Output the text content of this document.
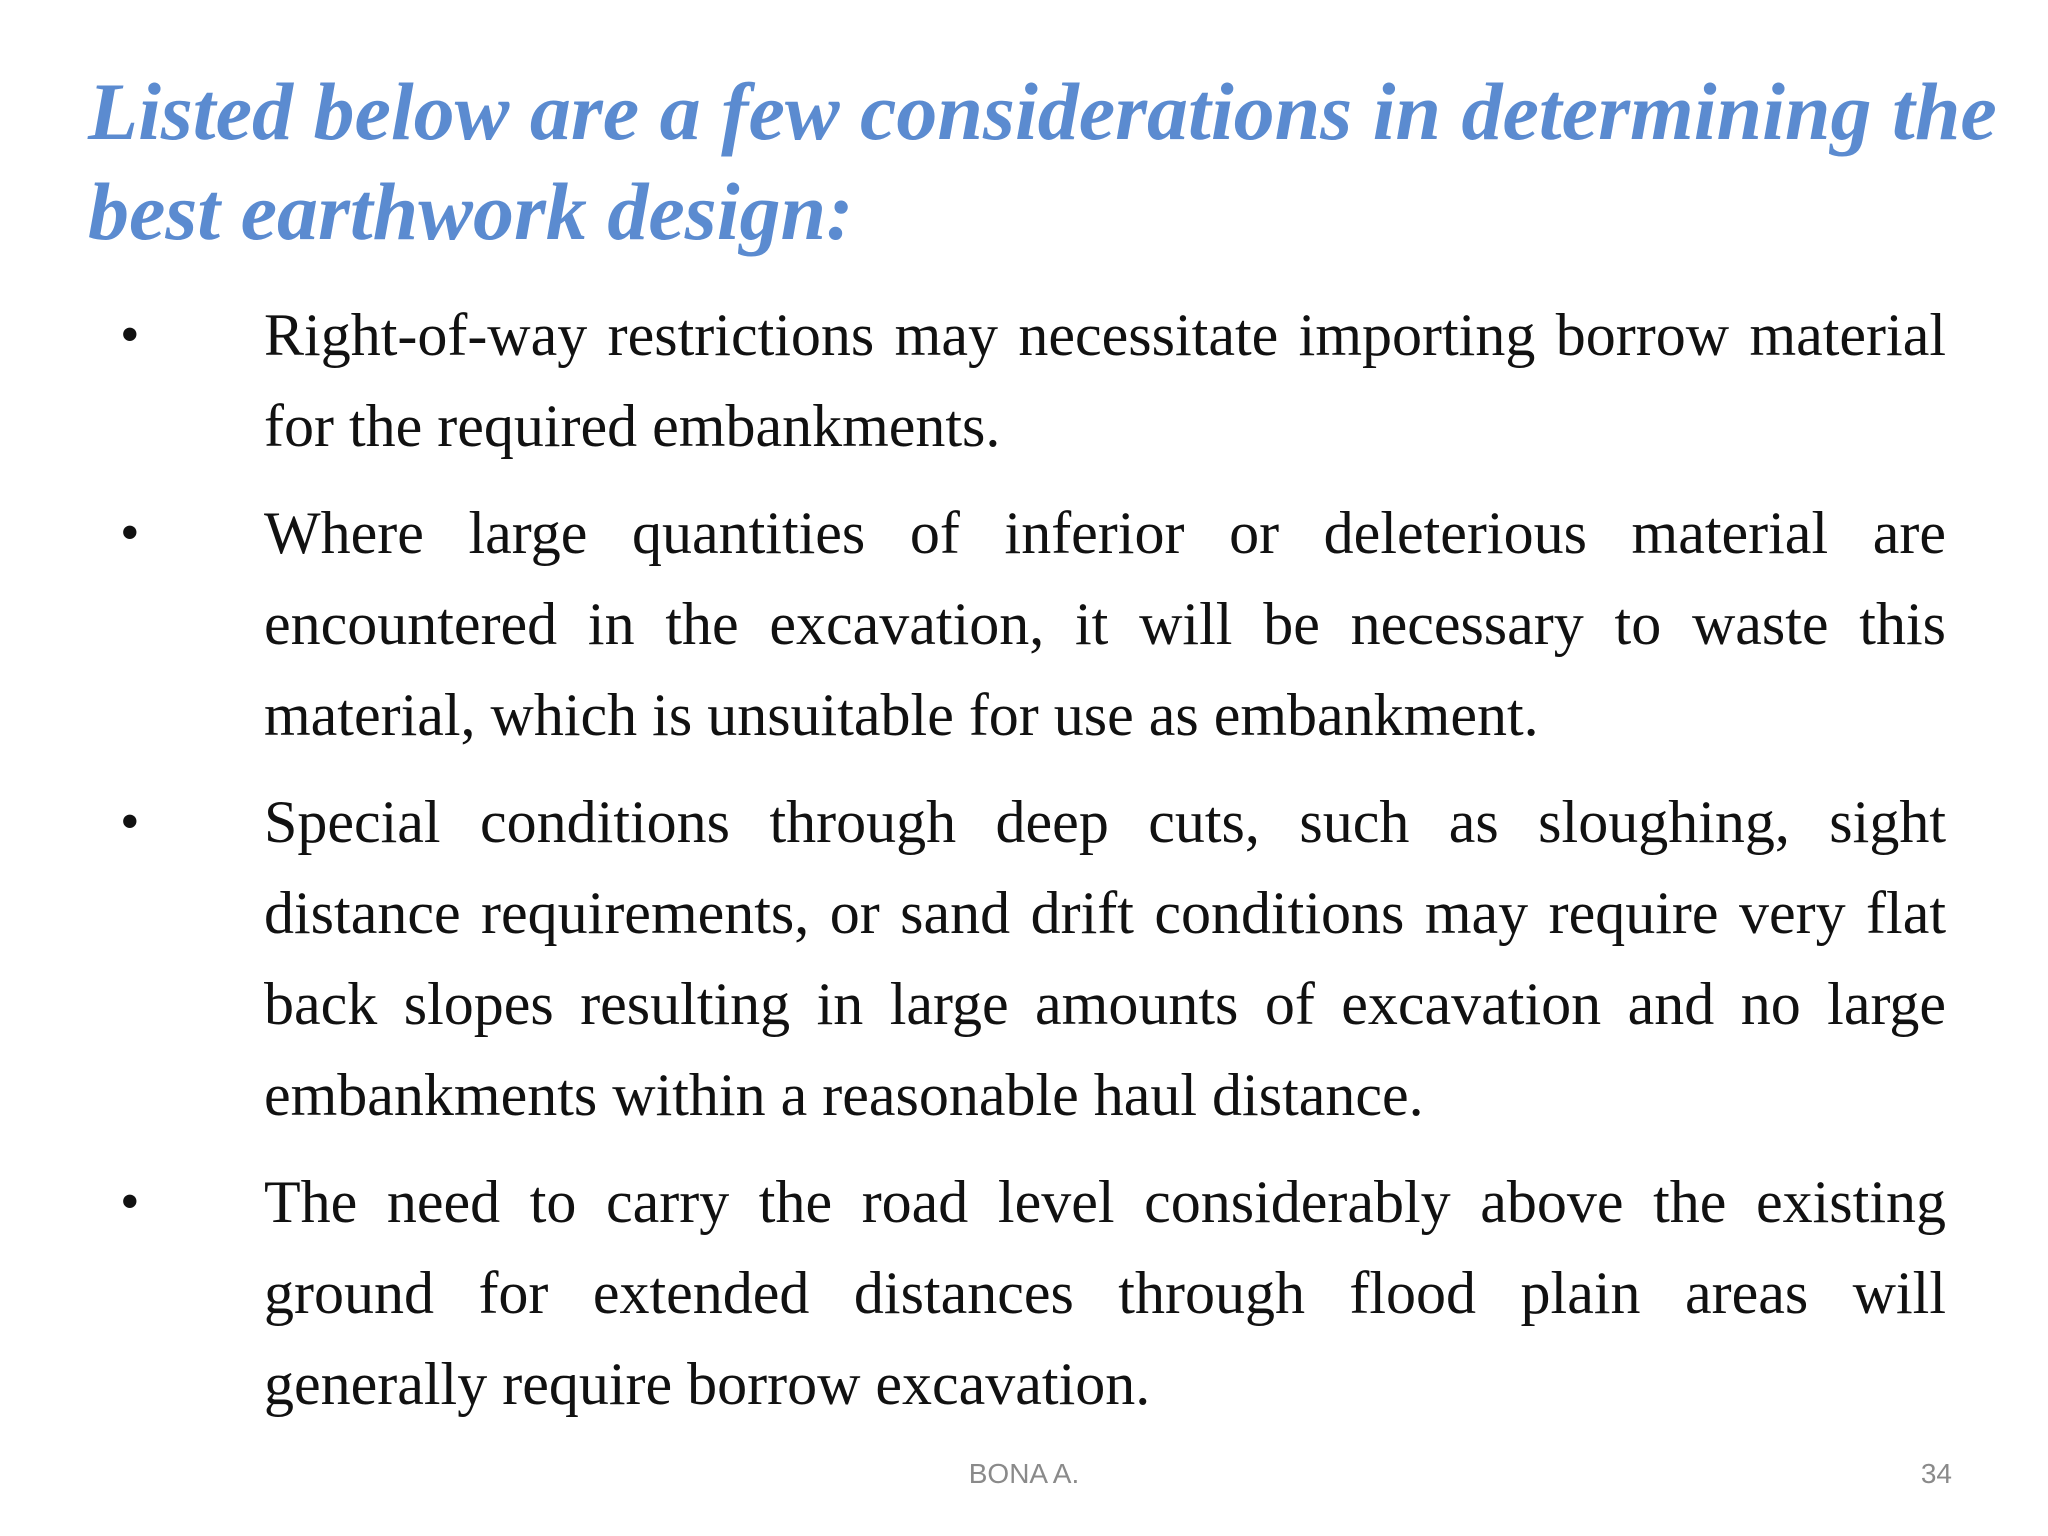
Listed below are a few considerations in determining the best earthwork design:
•	Right-of-way restrictions may necessitate importing borrow material for the required embankments.
•	Where large quantities of inferior or deleterious material are encountered in the excavation, it will be necessary to waste this material, which is unsuitable for use as embankment.
•	Special conditions through deep cuts, such as sloughing, sight distance requirements, or sand drift conditions may require very flat back slopes resulting in large amounts of excavation and no large embankments within a reasonable haul distance.
•	The need to carry the road level considerably above the existing ground for extended distances through flood plain areas will generally require borrow excavation.
BONA A.	34
